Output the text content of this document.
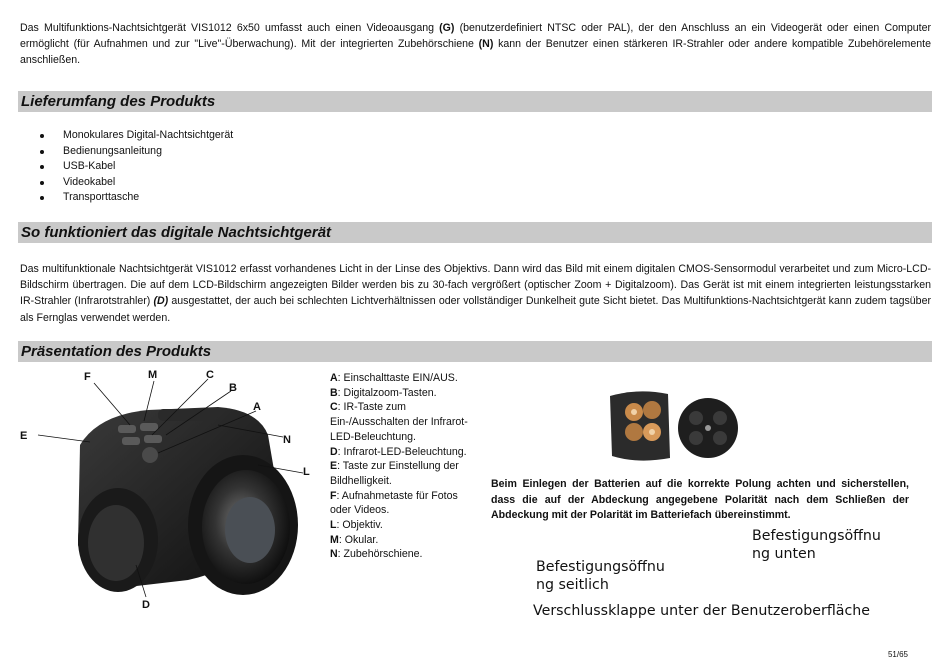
Das Multifunktions-Nachtsichtgerät VIS1012 6x50 umfasst auch einen Videoausgang (G) (benutzerdefiniert NTSC oder PAL), der den Anschluss an ein Videogerät oder einen Computer ermöglicht (für Aufnahmen und zur "Live"-Überwachung). Mit der integrierten Zubehörschiene (N) kann der Benutzer einen stärkeren IR-Strahler oder andere kompatible Zubehörelemente anschließen.

Lieferumfang des Produkts
Monokulares Digital-Nachtsichtgerät
Bedienungsanleitung
USB-Kabel
Videokabel
Transporttasche
So funktioniert das digitale Nachtsichtgerät

Das multifunktionale Nachtsichtgerät VIS1012 erfasst vorhandenes Licht in der Linse des Objektivs. Dann wird das Bild mit einem digitalen CMOS-Sensormodul verarbeitet und zum Micro-LCD-Bildschirm übertragen. Die auf dem LCD-Bildschirm angezeigten Bilder werden bis zu 30-fach vergrößert (optischer Zoom + Digitalzoom). Das Gerät ist mit einem integrierten leistungsstarken IR-Strahler (Infrarotstrahler) (D) ausgestattet, der auch bei schlechten Lichtverhältnissen oder vollständiger Dunkelheit gute Sicht bietet. Das Multifunktions-Nachtsichtgerät kann zudem tagsüber als Fernglas verwendet werden.

Präsentation des Produkts
F	M	C
B
A
E	N
L
D
A: Einschalttaste EIN/AUS.
B: Digitalzoom-Tasten.
C: IR-Taste zum Ein-/Ausschalten der Infrarot-LED-Beleuchtung.
D: Infrarot-LED-Beleuchtung.
E: Taste zur Einstellung der Bildhelligkeit.
F: Aufnahmetaste für Fotos oder Videos.
L: Objektiv.
M: Okular.
N: Zubehörschiene.

Beim Einlegen der Batterien auf die korrekte Polung achten und sicherstellen, dass die auf der Abdeckung angegebene Polarität nach dem Schließen der Abdeckung mit der Polarität im Batteriefach übereinstimmt.

Befestigungsöffnu
ng unten
Befestigungsöffnu
ng seitlich
Verschlussklappe unter der Benutzeroberfläche
51/65
